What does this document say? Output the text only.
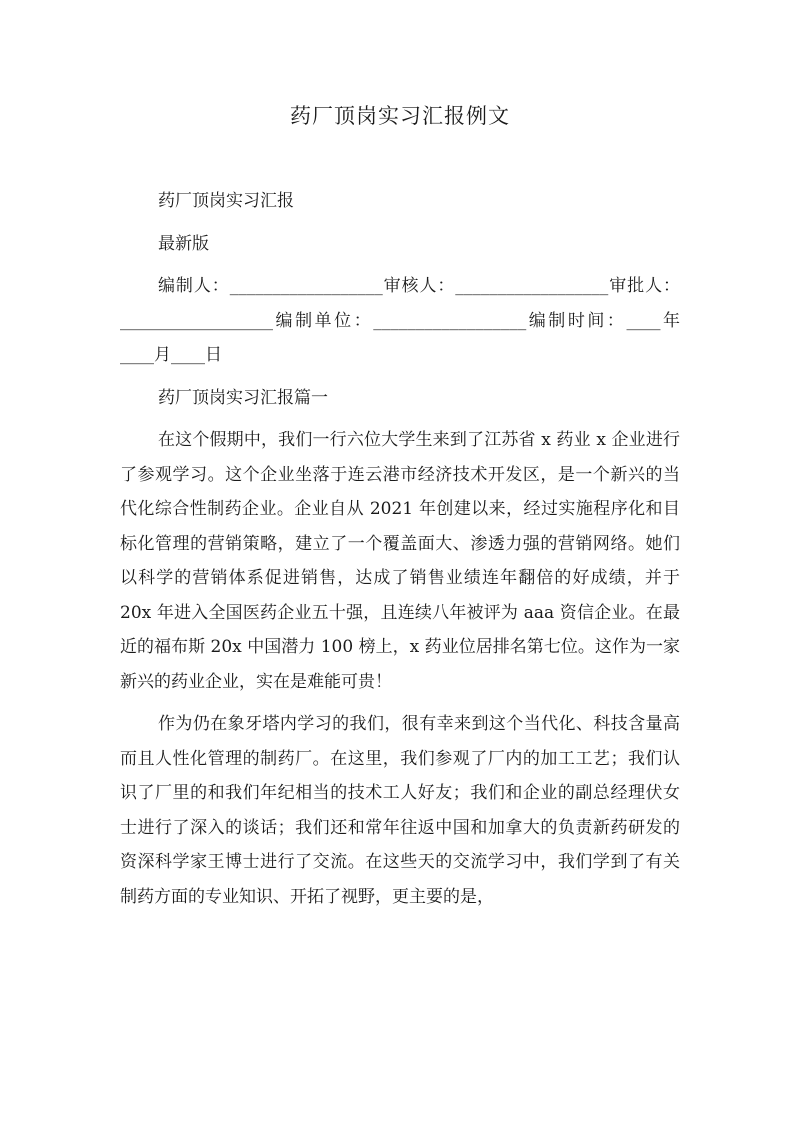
药厂顶岗实习汇报例文

药厂顶岗实习汇报

最新版

编制人：__________________审核人：__________________审批人：__________________编制单位：__________________编制时间：____年____月____日

药厂顶岗实习汇报篇一

在这个假期中，我们一行六位大学生来到了江苏省 x 药业 x 企业进行了参观学习。这个企业坐落于连云港市经济技术开发区，是一个新兴的当代化综合性制药企业。企业自从 2021 年创建以来，经过实施程序化和目标化管理的营销策略，建立了一个覆盖面大、渗透力强的营销网络。她们以科学的营销体系促进销售，达成了销售业绩连年翻倍的好成绩，并于 20x 年进入全国医药企业五十强，且连续八年被评为 aaa 资信企业。在最近的福布斯 20x 中国潜力 100 榜上，x 药业位居排名第七位。这作为一家新兴的药业企业，实在是难能可贵！

作为仍在象牙塔内学习的我们，很有幸来到这个当代化、科技含量高而且人性化管理的制药厂。在这里，我们参观了厂内的加工工艺；我们认识了厂里的和我们年纪相当的技术工人好友；我们和企业的副总经理伏女士进行了深入的谈话；我们还和常年往返中国和加拿大的负责新药研发的资深科学家王博士进行了交流。在这些天的交流学习中，我们学到了有关制药方面的专业知识、开拓了视野，更主要的是，
